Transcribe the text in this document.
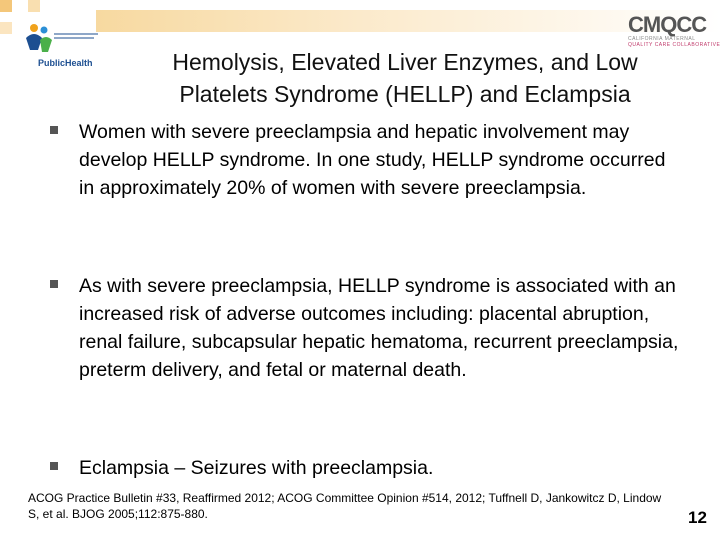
PublicHealth
CMQCC
CALIFORNIA MATERNAL
QUALITY CARE COLLABORATIVE
Hemolysis, Elevated Liver Enzymes, and Low
Platelets Syndrome (HELLP) and Eclampsia
Women with severe preeclampsia and hepatic involvement may develop HELLP syndrome. In one study, HELLP syndrome occurred in approximately 20% of women with severe preeclampsia.
As with severe preeclampsia, HELLP syndrome is associated with an increased risk of adverse outcomes including: placental abruption, renal failure, subcapsular hepatic hematoma, recurrent preeclampsia, preterm delivery, and fetal or maternal death.
Eclampsia – Seizures with preeclampsia.
ACOG Practice Bulletin #33, Reaffirmed 2012; ACOG Committee Opinion #514, 2012; Tuffnell D, Jankowitcz D, Lindow S, et al. BJOG 2005;112:875-880.	12
